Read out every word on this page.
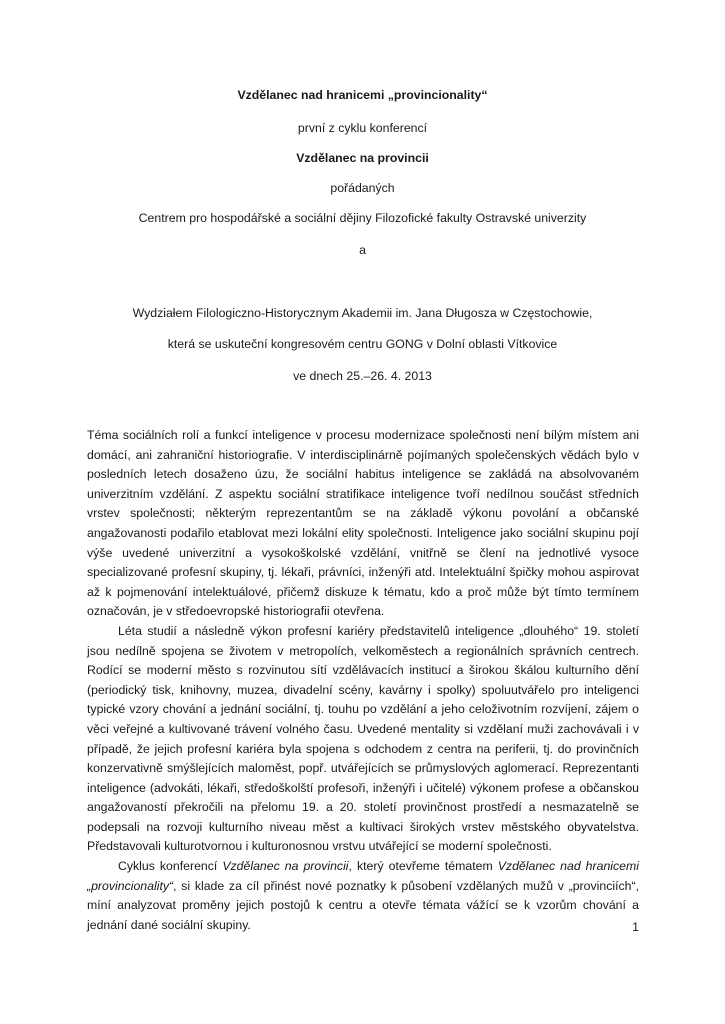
Vzdělanec nad hranicemi „provincionality“
první z cyklu konferencí
Vzdělanec na provincii
pořádaných
Centrem pro hospodářské a sociální dějiny Filozofické fakulty Ostravské univerzity
a
Wydziałem Filologiczno-Historycznym Akademii im. Jana Długosza w Częstochowie,
která se uskuteční kongresovém centru GONG v Dolní oblasti Vítkovice
ve dnech 25.–26. 4. 2013

Téma sociálních rolí a funkcí inteligence v procesu modernizace společnosti není bílým místem ani domácí, ani zahraniční historiografie. V interdisciplinárně pojímaných společenských vědách bylo v posledních letech dosaženo úzu, že sociální habitus inteligence se zakládá na absolvovaném univerzitním vzdělání. Z aspektu sociální stratifikace inteligence tvoří nedílnou součást středních vrstev společnosti; některým reprezentantům se na základě výkonu povolání a občanské angažovanosti podařilo etablovat mezi lokální elity společnosti. Inteligence jako sociální skupinu pojí výše uvedené univerzitní a vysokoškolské vzdělání, vnitřně se člení na jednotlivé vysoce specializované profesní skupiny, tj. lékaři, právníci, inženýři atd. Intelektuální špičky mohou aspirovat až k pojmenování intelektuálové, přičemž diskuze k tématu, kdo a proč může být tímto termínem označován, je v středoevropské historiografii otevřena.

Léta studií a následně výkon profesní kariéry představitelů inteligence „dlouhého“ 19. století jsou nedílně spojena se životem v metropolích, velkoměstech a regionálních správních centrech. Rodící se moderní město s rozvinutou sítí vzdělávacích institucí a širokou škálou kulturního dění (periodický tisk, knihovny, muzea, divadelní scény, kavárny i spolky) spoluutvářelo pro inteligenci typické vzory chování a jednání sociální, tj. touhu po vzdělání a jeho celoživotním rozvíjení, zájem o věci veřejné a kultivované trávení volného času. Uvedené mentality si vzdělaní muži zachovávali i v případě, že jejich profesní kariéra byla spojena s odchodem z centra na periferii, tj. do provinčních konzervativně smýšlejících maloměst, popř. utvářejících se průmyslových aglomerací. Reprezentanti inteligence (advokáti, lékaři, středoškolští profesoři, inženýři i učitelé) výkonem profese a občanskou angažovaností překročili na přelomu 19. a 20. století provinčnost prostředí a nesmazatelně se podepsali na rozvoji kulturního niveau měst a kultivaci širokých vrstev městského obyvatelstva. Představovali kulturotvornou i kulturonosnou vrstvu utvářející se moderní společnosti.

Cyklus konferencí Vzdělanec na provincii, který otevřeme tématem Vzdělanec nad hranicemi „provincionality“, si klade za cíl přinést nové poznatky k působení vzdělaných mužů v „provinciích“, míní analyzovat proměny jejich postojů k centru a otevře témata vážící se k vzorům chování a jednání dané sociální skupiny.	1
